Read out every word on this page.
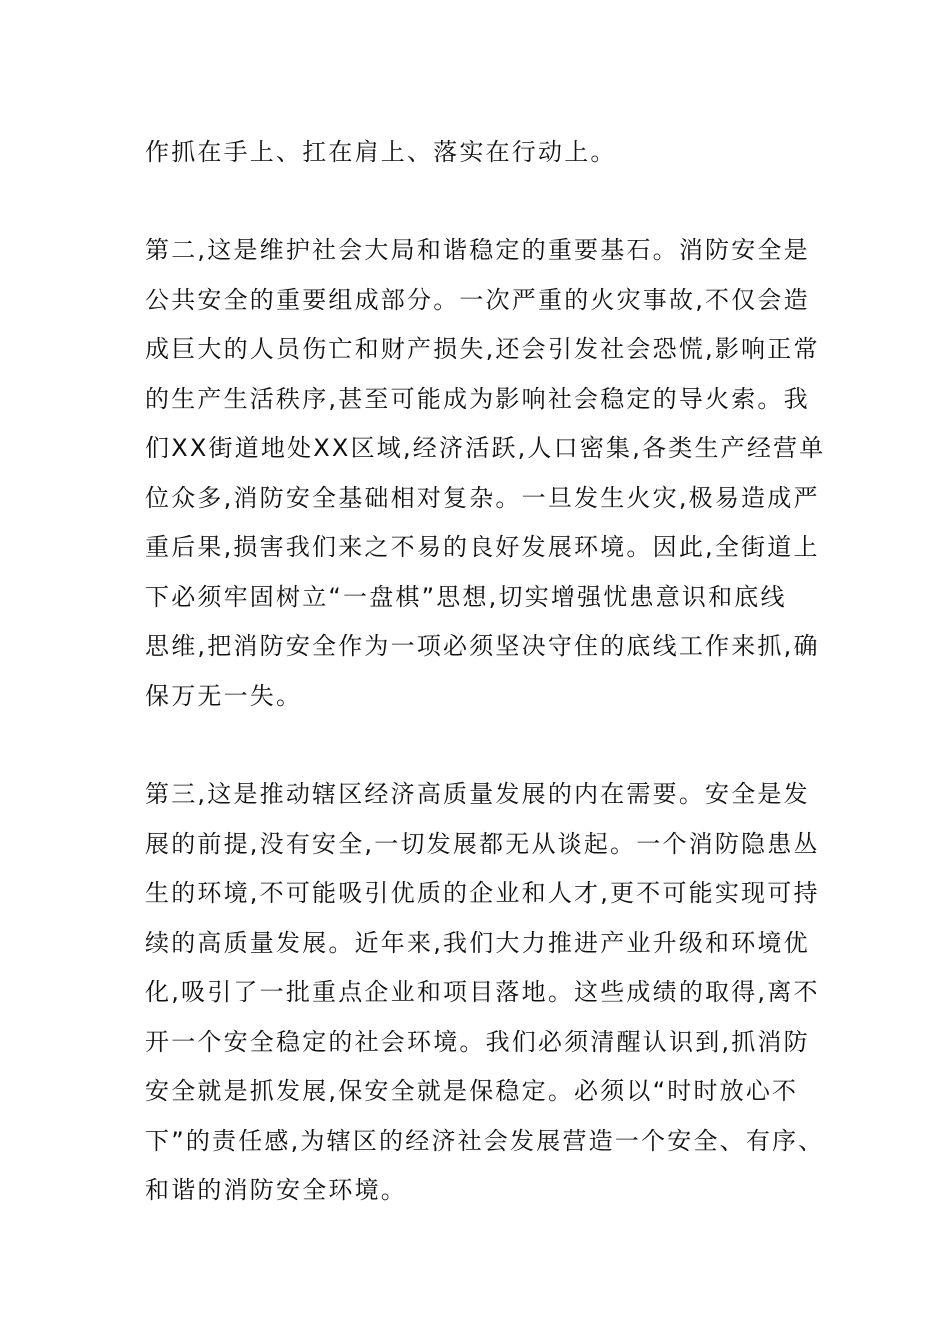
作抓在手上、扛在肩上、落实在行动上。
第二,这是维护社会大局和谐稳定的重要基石。消防安全是
公共安全的重要组成部分。一次严重的火灾事故,不仅会造
成巨大的人员伤亡和财产损失,还会引发社会恐慌,影响正常
的生产生活秩序,甚至可能成为影响社会稳定的导火索。我
们XX街道地处XX区域,经济活跃,人口密集,各类生产经营单
位众多,消防安全基础相对复杂。一旦发生火灾,极易造成严
重后果,损害我们来之不易的良好发展环境。因此,全街道上
下必须牢固树立“一盘棋”思想,切实增强忧患意识和底线
思维,把消防安全作为一项必须坚决守住的底线工作来抓,确
保万无一失。
第三,这是推动辖区经济高质量发展的内在需要。安全是发
展的前提,没有安全,一切发展都无从谈起。一个消防隐患丛
生的环境,不可能吸引优质的企业和人才,更不可能实现可持
续的高质量发展。近年来,我们大力推进产业升级和环境优
化,吸引了一批重点企业和项目落地。这些成绩的取得,离不
开一个安全稳定的社会环境。我们必须清醒认识到,抓消防
安全就是抓发展,保安全就是保稳定。必须以“时时放心不
下”的责任感,为辖区的经济社会发展营造一个安全、有序、
和谐的消防安全环境。
